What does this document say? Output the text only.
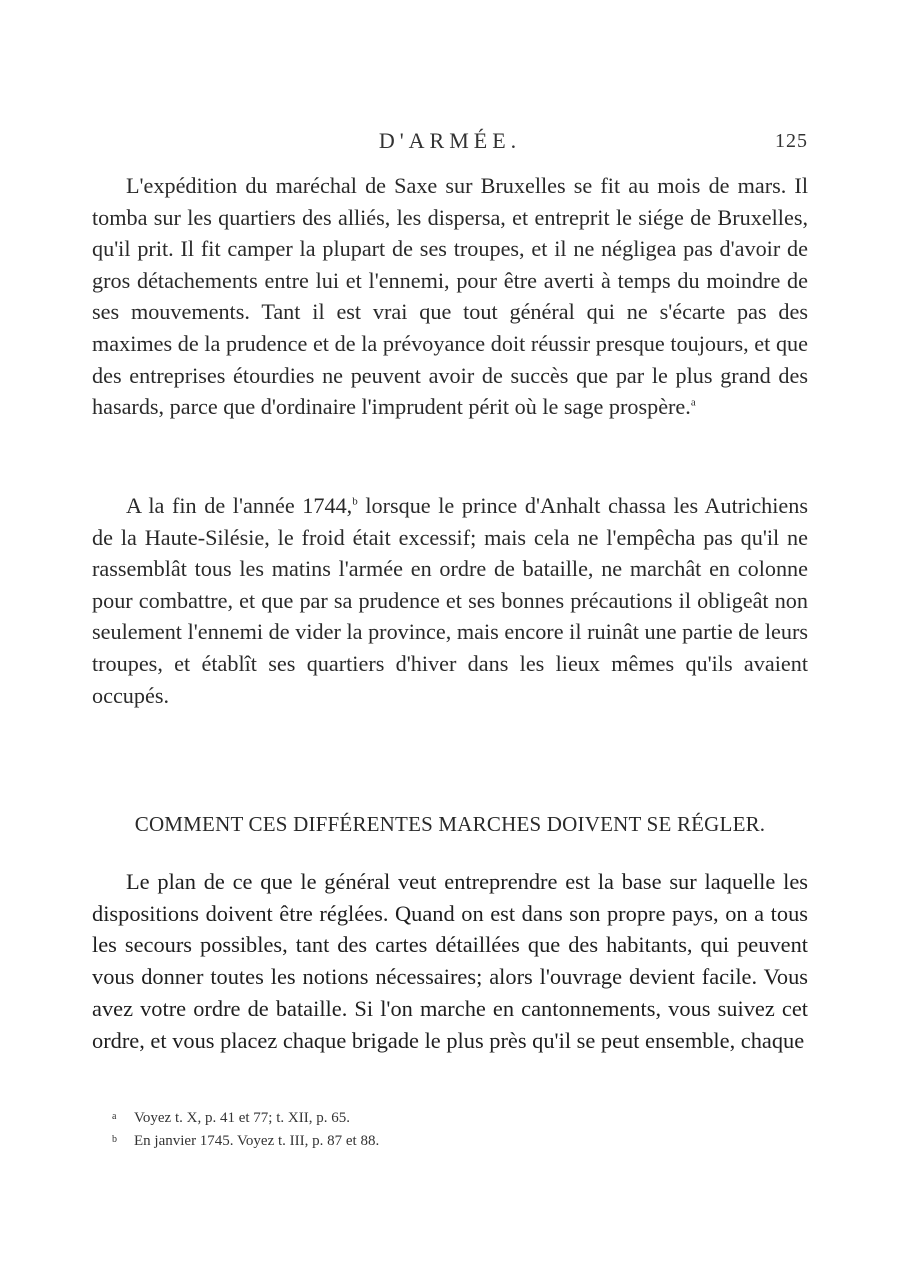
D'ARMÉE.	125

L'expédition du maréchal de Saxe sur Bruxelles se fit au mois de mars. Il tomba sur les quartiers des alliés, les dispersa, et entreprit le siége de Bruxelles, qu'il prit. Il fit camper la plupart de ses troupes, et il ne négligea pas d'avoir de gros détachements entre lui et l'ennemi, pour être averti à temps du moindre de ses mouvements. Tant il est vrai que tout général qui ne s'écarte pas des maximes de la prudence et de la prévoyance doit réussir presque toujours, et que des entreprises étourdies ne peuvent avoir de succès que par le plus grand des hasards, parce que d'ordinaire l'imprudent périt où le sage prospère.$^a$

A la fin de l'année 1744,$^b$ lorsque le prince d'Anhalt chassa les Autrichiens de la Haute-Silésie, le froid était excessif; mais cela ne l'empêcha pas qu'il ne rassemblât tous les matins l'armée en ordre de bataille, ne marchât en colonne pour combattre, et que par sa prudence et ses bonnes précautions il obligeât non seulement l'ennemi de vider la province, mais encore il ruinât une partie de leurs troupes, et établît ses quartiers d'hiver dans les lieux mêmes qu'ils avaient occupés.

COMMENT CES DIFFÉRENTES MARCHES DOIVENT SE RÉGLER.

Le plan de ce que le général veut entreprendre est la base sur laquelle les dispositions doivent être réglées. Quand on est dans son propre pays, on a tous les secours possibles, tant des cartes détaillées que des habitants, qui peuvent vous donner toutes les notions nécessaires; alors l'ouvrage devient facile. Vous avez votre ordre de bataille. Si l'on marche en cantonnements, vous suivez cet ordre, et vous placez chaque brigade le plus près qu'il se peut ensemble, chaque

a Voyez t. X, p. 41 et 77; t. XII, p. 65.
b En janvier 1745. Voyez t. III, p. 87 et 88.
